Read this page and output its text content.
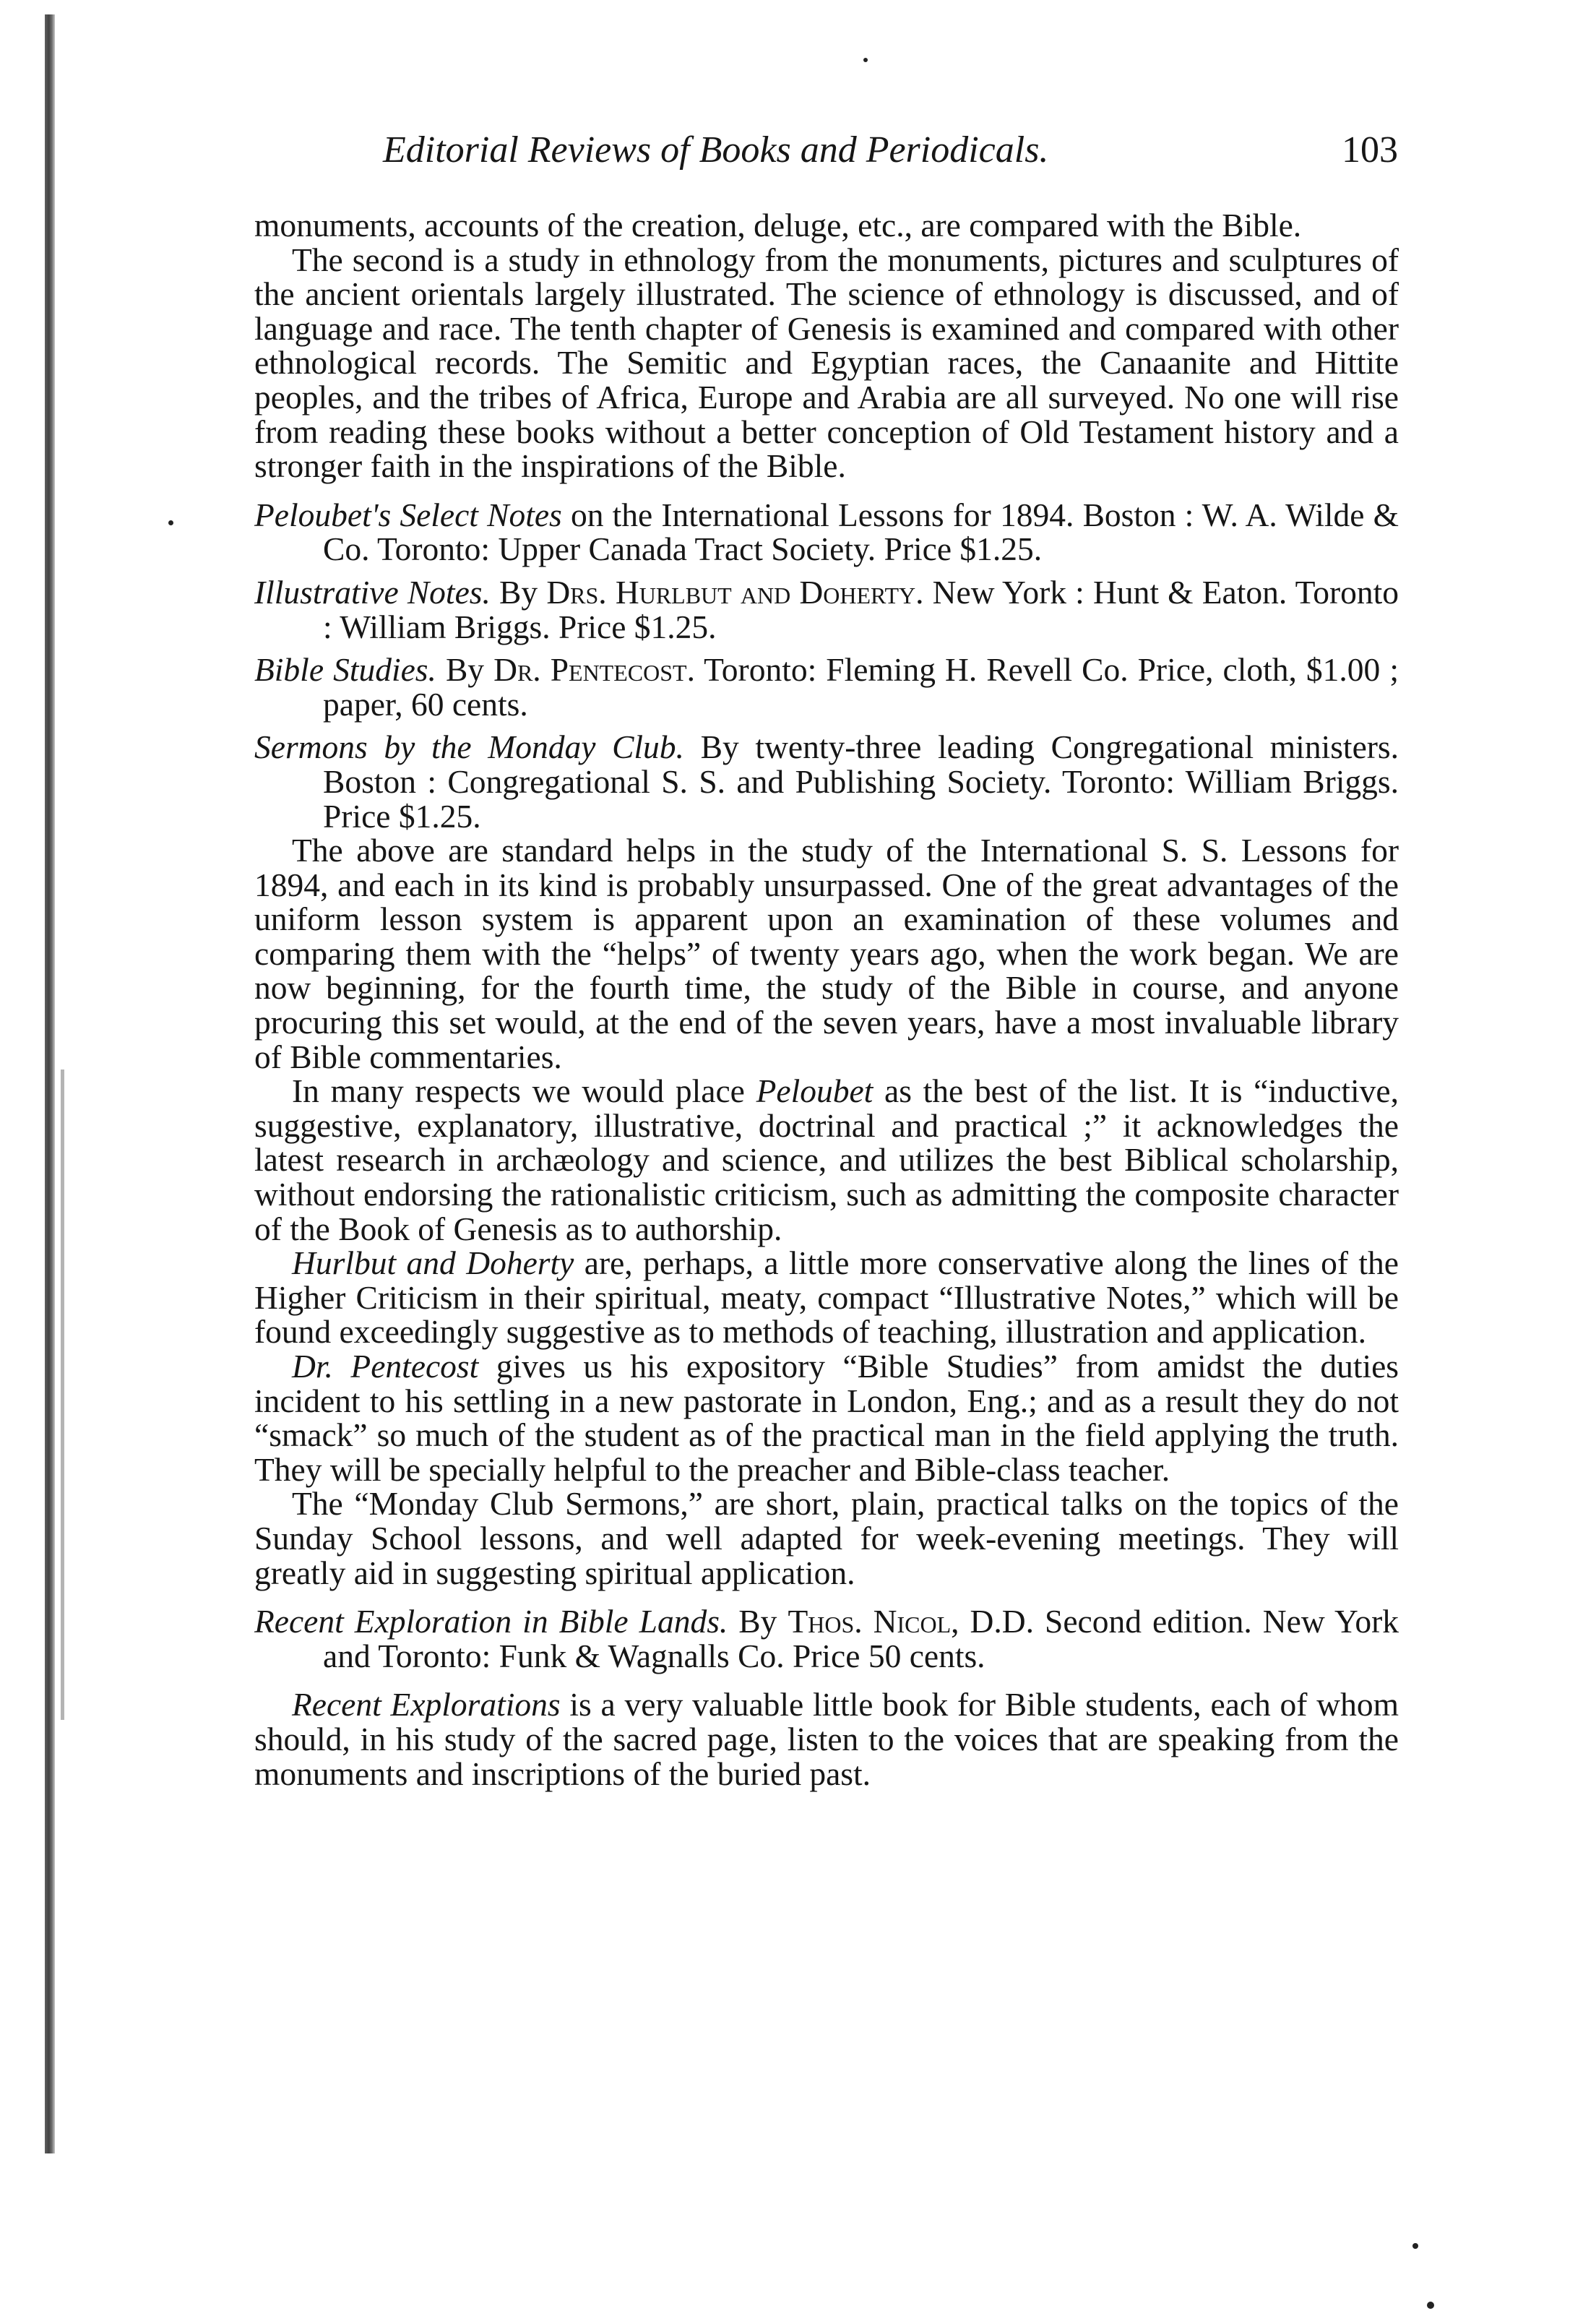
Editorial Reviews of Books and Periodicals.	103

monuments, accounts of the creation, deluge, etc., are compared with the Bible.

The second is a study in ethnology from the monuments, pictures and sculptures of the ancient orientals largely illustrated. The science of ethnology is discussed, and of language and race. The tenth chapter of Genesis is examined and compared with other ethnological records. The Semitic and Egyptian races, the Canaanite and Hittite peoples, and the tribes of Africa, Europe and Arabia are all surveyed. No one will rise from reading these books without a better conception of Old Testament history and a stronger faith in the inspirations of the Bible.

Peloubet's Select Notes on the International Lessons for 1894. Boston : W. A. Wilde & Co. Toronto: Upper Canada Tract Society. Price $1.25.

Illustrative Notes. By Drs. Hurlbut and Doherty. New York : Hunt & Eaton. Toronto : William Briggs. Price $1.25.

Bible Studies. By Dr. Pentecost. Toronto: Fleming H. Revell Co. Price, cloth, $1.00 ; paper, 60 cents.

Sermons by the Monday Club. By twenty-three leading Congregational ministers. Boston : Congregational S. S. and Publishing Society. Toronto: William Briggs. Price $1.25.

The above are standard helps in the study of the International S. S. Lessons for 1894, and each in its kind is probably unsurpassed. One of the great advantages of the uniform lesson system is apparent upon an examination of these volumes and comparing them with the “helps” of twenty years ago, when the work began. We are now beginning, for the fourth time, the study of the Bible in course, and anyone procuring this set would, at the end of the seven years, have a most invaluable library of Bible commentaries.

In many respects we would place Peloubet as the best of the list. It is “inductive, suggestive, explanatory, illustrative, doctrinal and practical ;” it acknowledges the latest research in archæology and science, and utilizes the best Biblical scholarship, without endorsing the rationalistic criticism, such as admitting the composite character of the Book of Genesis as to authorship.

Hurlbut and Doherty are, perhaps, a little more conservative along the lines of the Higher Criticism in their spiritual, meaty, compact “Illustrative Notes,” which will be found exceedingly suggestive as to methods of teaching, illustration and application.

Dr. Pentecost gives us his expository “Bible Studies” from amidst the duties incident to his settling in a new pastorate in London, Eng.; and as a result they do not “smack” so much of the student as of the practical man in the field applying the truth. They will be specially helpful to the preacher and Bible-class teacher.

The “Monday Club Sermons,” are short, plain, practical talks on the topics of the Sunday School lessons, and well adapted for week-evening meetings. They will greatly aid in suggesting spiritual application.

Recent Exploration in Bible Lands. By Thos. Nicol, D.D. Second edition. New York and Toronto: Funk & Wagnalls Co. Price 50 cents.

Recent Explorations is a very valuable little book for Bible students, each of whom should, in his study of the sacred page, listen to the voices that are speaking from the monuments and inscriptions of the buried past.
